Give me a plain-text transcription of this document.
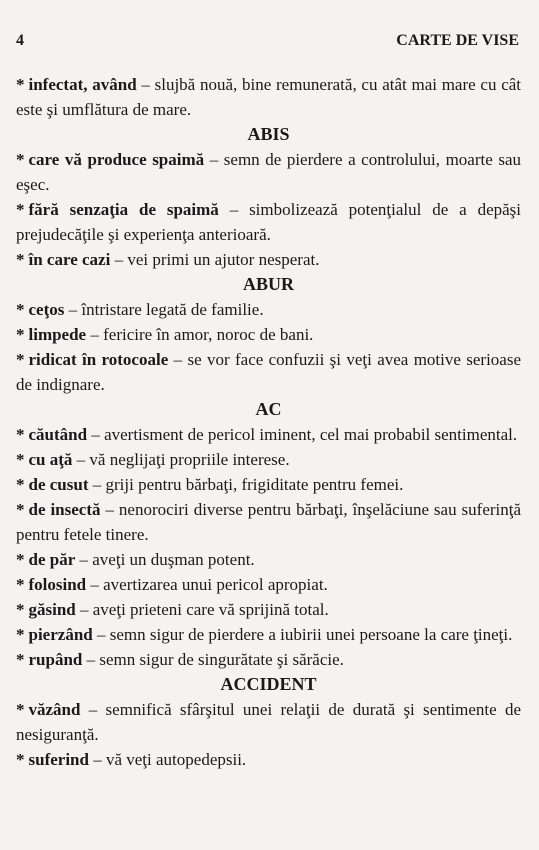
4	CARTE DE VISE

* infectat, având – slujbă nouă, bine remunerată, cu atât mai mare cu cât este şi umflătura de mare.

ABIS

* care vă produce spaimă – semn de pierdere a controlului, moarte sau eşec.

* fără senzaţia de spaimă – simbolizează potenţialul de a depăşi prejudecăţile şi experienţa anterioară.

* în care cazi – vei primi un ajutor nesperat.

ABUR

* ceţos – întristare legată de familie.

* limpede – fericire în amor, noroc de bani.

* ridicat în rotocoale – se vor face confuzii şi veţi avea motive serioase de indignare.

AC

* căutând – avertisment de pericol iminent, cel mai probabil sentimental.

* cu aţă – vă neglijaţi propriile interese.

* de cusut – griji pentru bărbaţi, frigiditate pentru femei.

* de insectă – nenorociri diverse pentru bărbaţi, înşelăciune sau suferinţă pentru fetele tinere.

* de păr – aveţi un duşman potent.

* folosind – avertizarea unui pericol apropiat.

* găsind – aveţi prieteni care vă sprijină total.

* pierzând – semn sigur de pierdere a iubirii unei persoane la care ţineţi.

* rupând – semn sigur de singurătate şi sărăcie.

ACCIDENT

* văzând – semnifică sfârşitul unei relaţii de durată şi sentimente de nesiguranţă.

* suferind – vă veţi autopedepsii.
